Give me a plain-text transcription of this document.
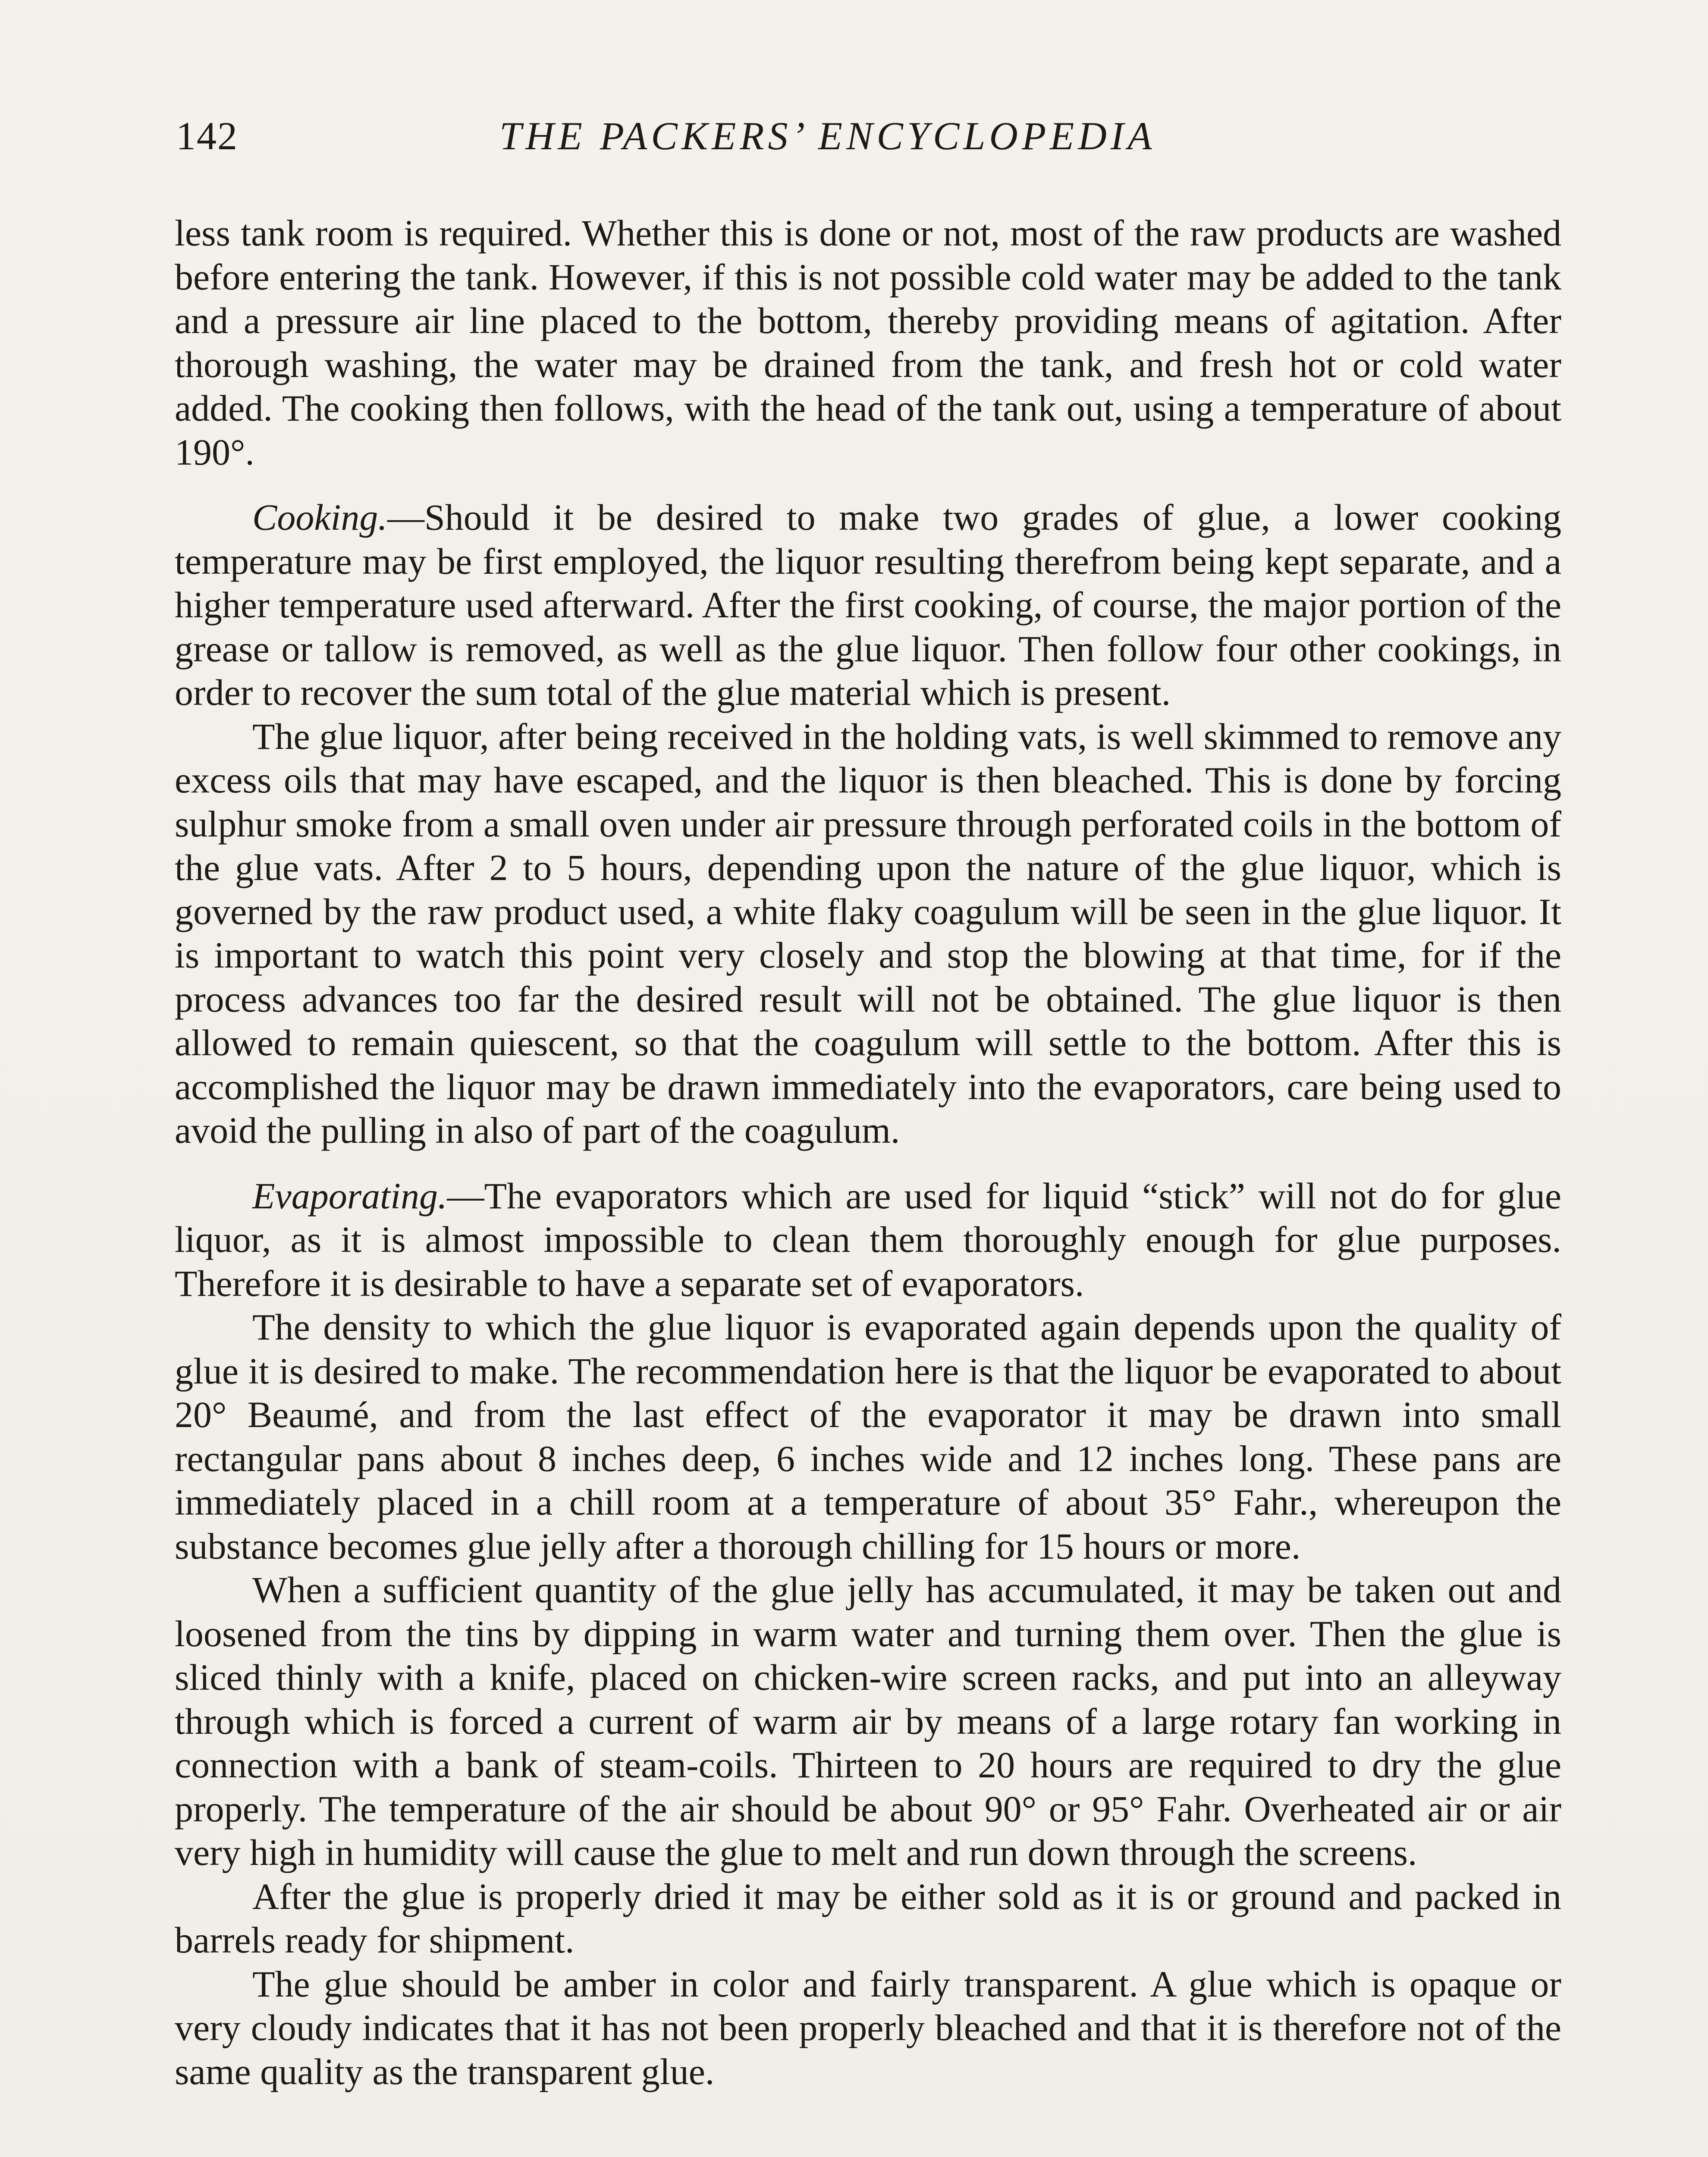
142	THE PACKERS’ ENCYCLOPEDIA

less tank room is required. Whether this is done or not, most of the raw products are washed before entering the tank. However, if this is not possible cold water may be added to the tank and a pressure air line placed to the bottom, thereby providing means of agitation. After thorough washing, the water may be drained from the tank, and fresh hot or cold water added. The cooking then follows, with the head of the tank out, using a temperature of about 190°.

Cooking.—Should it be desired to make two grades of glue, a lower cooking temperature may be first employed, the liquor resulting therefrom being kept separate, and a higher temperature used afterward. After the first cooking, of course, the major portion of the grease or tallow is removed, as well as the glue liquor. Then follow four other cookings, in order to recover the sum total of the glue material which is present.

The glue liquor, after being received in the holding vats, is well skimmed to remove any excess oils that may have escaped, and the liquor is then bleached. This is done by forcing sulphur smoke from a small oven under air pressure through perforated coils in the bottom of the glue vats. After 2 to 5 hours, depending upon the nature of the glue liquor, which is governed by the raw product used, a white flaky coagulum will be seen in the glue liquor. It is important to watch this point very closely and stop the blowing at that time, for if the process advances too far the desired result will not be obtained. The glue liquor is then allowed to remain quiescent, so that the coagulum will settle to the bottom. After this is accomplished the liquor may be drawn immediately into the evaporators, care being used to avoid the pulling in also of part of the coagulum.

Evaporating.—The evaporators which are used for liquid “stick” will not do for glue liquor, as it is almost impossible to clean them thoroughly enough for glue purposes. Therefore it is desirable to have a separate set of evaporators.

The density to which the glue liquor is evaporated again depends upon the quality of glue it is desired to make. The recommendation here is that the liquor be evaporated to about 20° Beaumé, and from the last effect of the evaporator it may be drawn into small rectangular pans about 8 inches deep, 6 inches wide and 12 inches long. These pans are immediately placed in a chill room at a temperature of about 35° Fahr., whereupon the substance becomes glue jelly after a thorough chilling for 15 hours or more.

When a sufficient quantity of the glue jelly has accumulated, it may be taken out and loosened from the tins by dipping in warm water and turning them over. Then the glue is sliced thinly with a knife, placed on chicken-wire screen racks, and put into an alleyway through which is forced a current of warm air by means of a large rotary fan working in connection with a bank of steam-coils. Thirteen to 20 hours are required to dry the glue properly. The temperature of the air should be about 90° or 95° Fahr. Overheated air or air very high in humidity will cause the glue to melt and run down through the screens.

After the glue is properly dried it may be either sold as it is or ground and packed in barrels ready for shipment.

The glue should be amber in color and fairly transparent. A glue which is opaque or very cloudy indicates that it has not been properly bleached and that it is therefore not of the same quality as the transparent glue.
